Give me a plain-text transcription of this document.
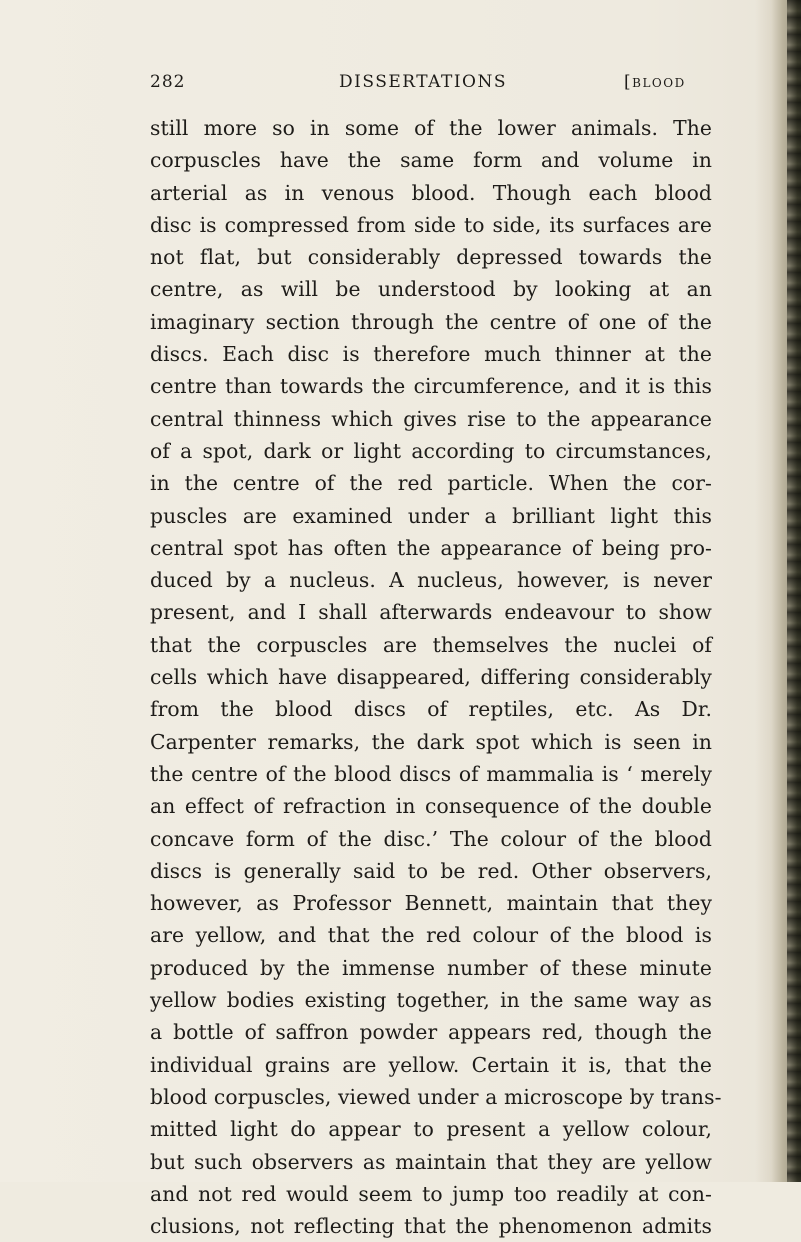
282	DISSERTATIONS	[blood
still more so in some of the lower animals. The
corpuscles have the same form and volume in
arterial as in venous blood. Though each blood
disc is compressed from side to side, its surfaces are
not flat, but considerably depressed towards the
centre, as will be understood by looking at an
imaginary section through the centre of one of the
discs. Each disc is therefore much thinner at the
centre than towards the circumference, and it is this
central thinness which gives rise to the appearance
of a spot, dark or light according to circumstances,
in the centre of the red particle. When the cor-
puscles are examined under a brilliant light this
central spot has often the appearance of being pro-
duced by a nucleus. A nucleus, however, is never
present, and I shall afterwards endeavour to show
that the corpuscles are themselves the nuclei of
cells which have disappeared, differing considerably
from the blood discs of reptiles, etc. As Dr.
Carpenter remarks, the dark spot which is seen in
the centre of the blood discs of mammalia is ‘ merely
an effect of refraction in consequence of the double
concave form of the disc.’ The colour of the blood
discs is generally said to be red. Other observers,
however, as Professor Bennett, maintain that they
are yellow, and that the red colour of the blood is
produced by the immense number of these minute
yellow bodies existing together, in the same way as
a bottle of saffron powder appears red, though the
individual grains are yellow. Certain it is, that the
blood corpuscles, viewed under a microscope by trans-
mitted light do appear to present a yellow colour,
but such observers as maintain that they are yellow
and not red would seem to jump too readily at con-
clusions, not reflecting that the phenomenon admits
